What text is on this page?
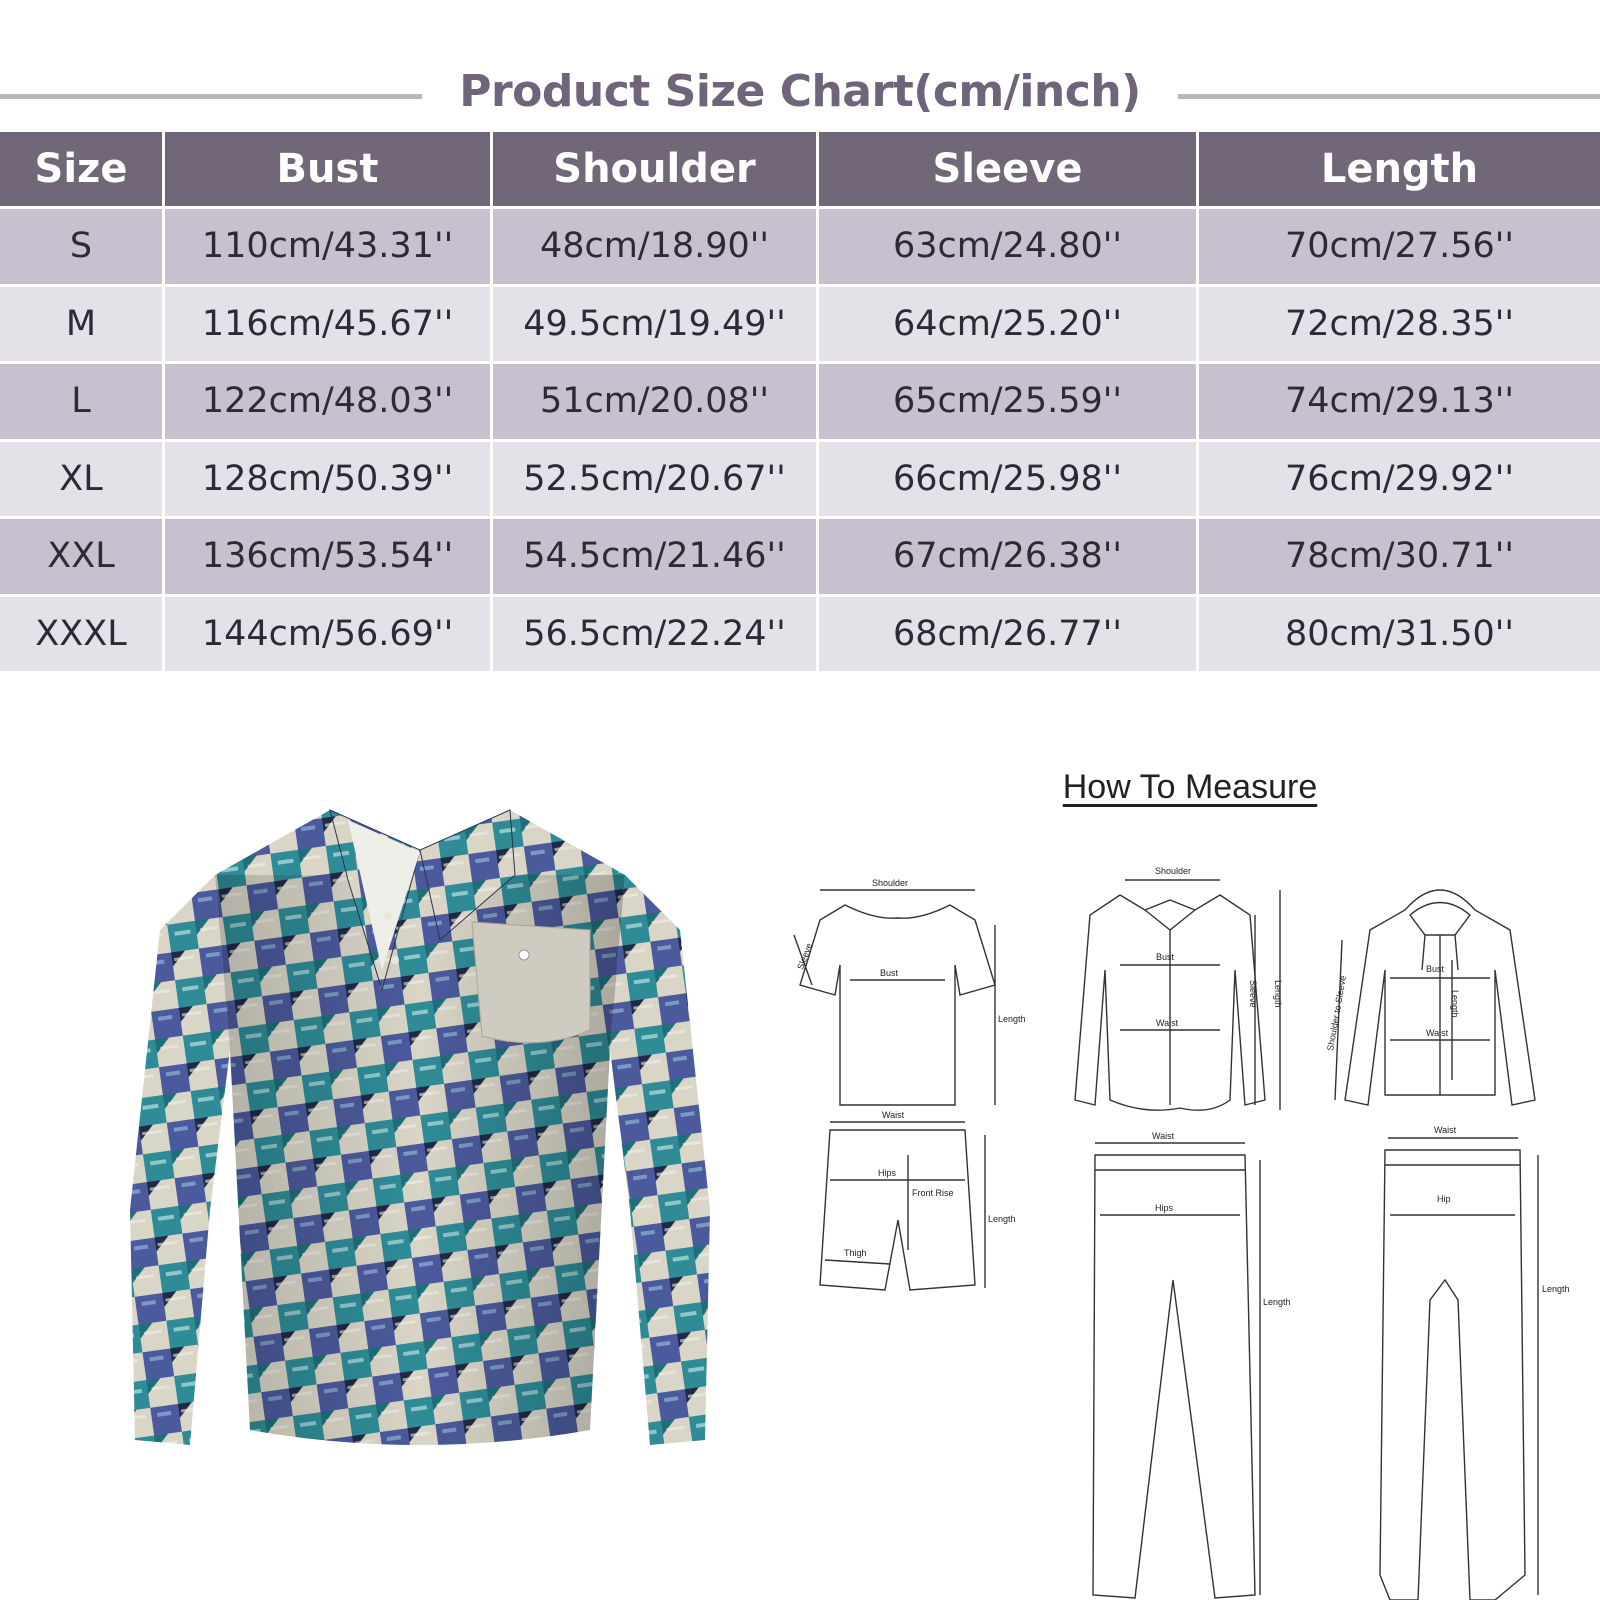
Product Size Chart(cm/inch)
Size	Bust	Shoulder	Sleeve	Length
S	110cm/43.31''	48cm/18.90''	63cm/24.80''	70cm/27.56''
M	116cm/45.67''	49.5cm/19.49''	64cm/25.20''	72cm/28.35''
L	122cm/48.03''	51cm/20.08''	65cm/25.59''	74cm/29.13''
XL	128cm/50.39''	52.5cm/20.67''	66cm/25.98''	76cm/29.92''
XXL	136cm/53.54''	54.5cm/21.46''	67cm/26.38''	78cm/30.71''
XXXL	144cm/56.69''	56.5cm/22.24''	68cm/26.77''	80cm/31.50''
How To Measure
Shoulder
Bust
Length
Sleeve
Waist
Hips
Front Rise
Thigh
Length
Shoulder
Bust
Waist
Sleeve Length
Waist
Hips
Length
Shoulder to Sleeve
Bust
Length
Waist
Waist
Hip
Length
